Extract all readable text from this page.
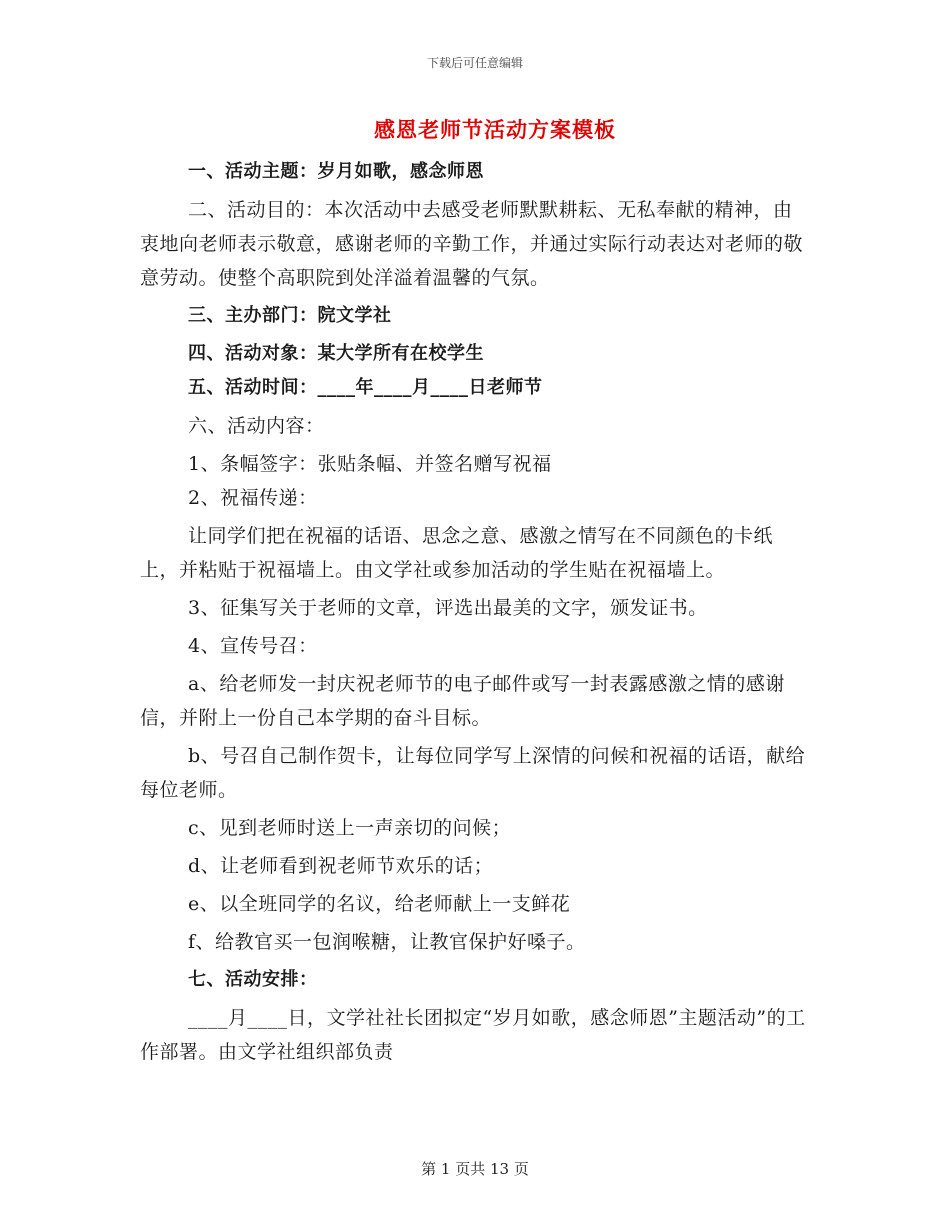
下载后可任意编辑
感恩老师节活动方案模板

一、活动主题：岁月如歌，感念师恩

二、活动目的：本次活动中去感受老师默默耕耘、无私奉献的精神，由衷地向老师表示敬意，感谢老师的辛勤工作，并通过实际行动表达对老师的敬意劳动。使整个高职院到处洋溢着温馨的气氛。

三、主办部门：院文学社

四、活动对象：某大学所有在校学生

五、活动时间：____年____月____日老师节

六、活动内容：

1、条幅签字：张贴条幅、并签名赠写祝福

2、祝福传递：

让同学们把在祝福的话语、思念之意、感激之情写在不同颜色的卡纸上，并粘贴于祝福墙上。由文学社或参加活动的学生贴在祝福墙上。

3、征集写关于老师的文章，评选出最美的文字，颁发证书。

4、宣传号召：

a、给老师发一封庆祝老师节的电子邮件或写一封表露感激之情的感谢信，并附上一份自己本学期的奋斗目标。

b、号召自己制作贺卡，让每位同学写上深情的问候和祝福的话语，献给每位老师。

c、见到老师时送上一声亲切的问候；

d、让老师看到祝老师节欢乐的话；

e、以全班同学的名议，给老师献上一支鲜花

f、给教官买一包润喉糖，让教官保护好嗓子。

七、活动安排：

____月____日，文学社社长团拟定“岁月如歌，感念师恩”主题活动”的工作部署。由文学社组织部负责

第 1 页共 13 页
